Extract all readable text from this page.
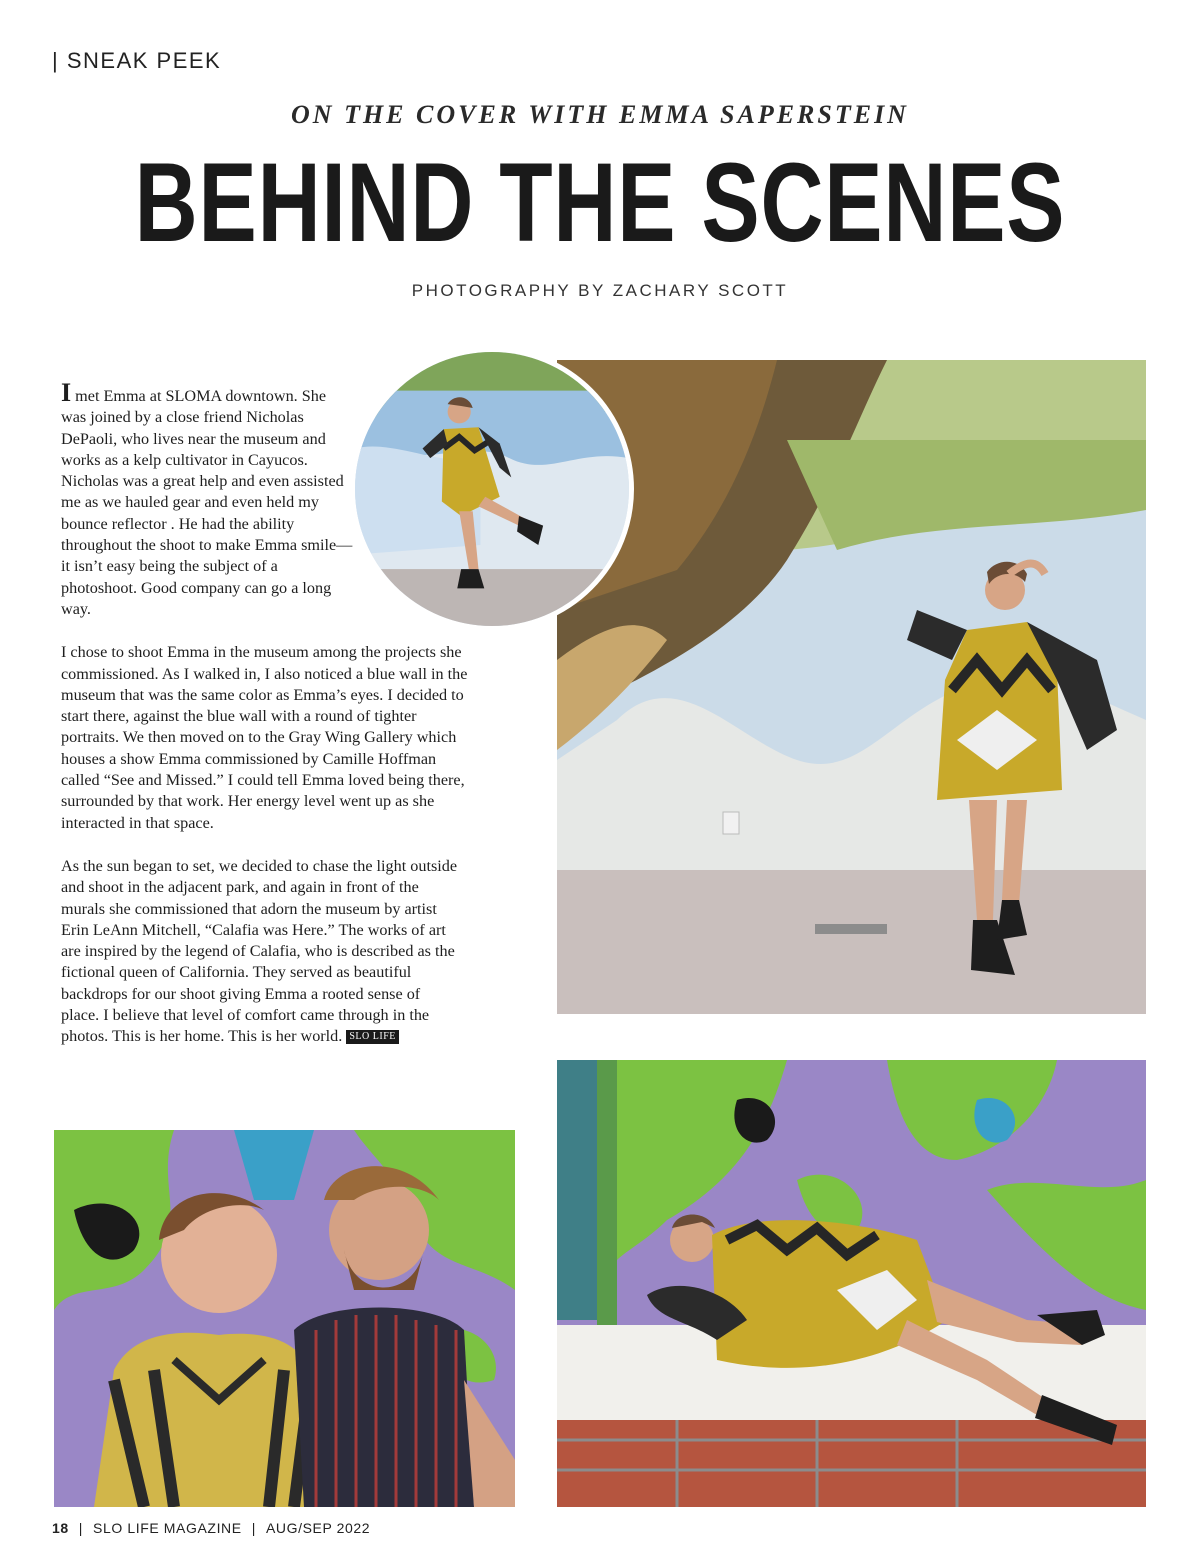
| SNEAK PEEK
ON THE COVER WITH EMMA SAPERSTEIN
BEHIND THE SCENES
PHOTOGRAPHY BY ZACHARY SCOTT

I met Emma at SLOMA downtown. She was joined by a close friend Nicholas DePaoli, who lives near the museum and works as a kelp cultivator in Cayucos. Nicholas was a great help and even assisted me as we hauled gear and even held my bounce reflector . He had the ability throughout the shoot to make Emma smile—it isn’t easy being the subject of a photoshoot. Good company can go a long way.

I chose to shoot Emma in the museum among the projects she commissioned. As I walked in, I also noticed a blue wall in the museum that was the same color as Emma’s eyes. I decided to start there, against the blue wall with a round of tighter portraits. We then moved on to the Gray Wing Gallery which houses a show Emma commissioned by Camille Hoffman called “See and Missed.” I could tell Emma loved being there, surrounded by that work. Her energy level went up as she interacted in that space.

As the sun began to set, we decided to chase the light outside and shoot in the adjacent park, and again in front of the murals she commissioned that adorn the museum by artist Erin LeAnn Mitchell, “Calafia was Here.” The works of art are inspired by the legend of Calafia, who is described as the fictional queen of California. They served as beautiful backdrops for our shoot giving Emma a rooted sense of place. I believe that level of comfort came through in the photos. This is her home. This is her world. SLO LIFE

18 | SLO LIFE MAGAZINE | AUG/SEP 2022
